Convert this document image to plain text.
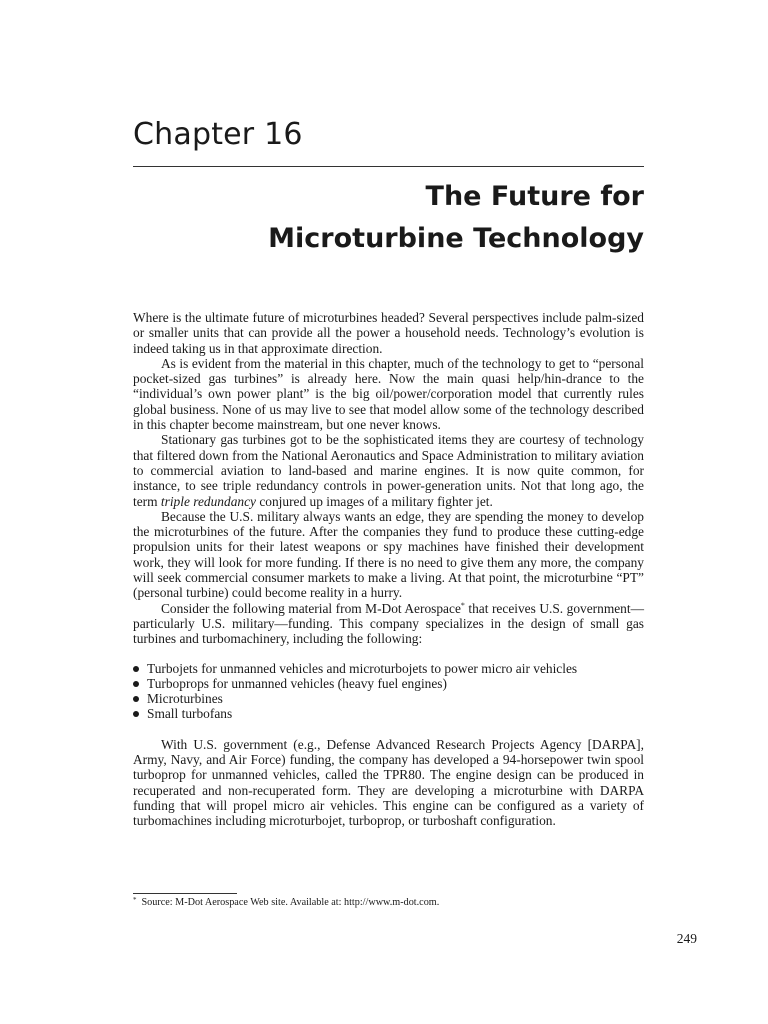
Chapter 16
The Future for
Microturbine Technology

Where is the ultimate future of microturbines headed? Several perspectives include palm-sized or smaller units that can provide all the power a household needs. Technology’s evolution is indeed taking us in that approximate direction.

As is evident from the material in this chapter, much of the technology to get to “personal pocket-sized gas turbines” is already here. Now the main quasi help/hin-drance to the “individual’s own power plant” is the big oil/power/corporation model that currently rules global business. None of us may live to see that model allow some of the technology described in this chapter become mainstream, but one never knows.

Stationary gas turbines got to be the sophisticated items they are courtesy of technology that filtered down from the National Aeronautics and Space Administration to military aviation to commercial aviation to land-based and marine engines. It is now quite common, for instance, to see triple redundancy controls in power-generation units. Not that long ago, the term triple redundancy conjured up images of a military fighter jet.

Because the U.S. military always wants an edge, they are spending the money to develop the microturbines of the future. After the companies they fund to produce these cutting-edge propulsion units for their latest weapons or spy machines have finished their development work, they will look for more funding. If there is no need to give them any more, the company will seek commercial consumer markets to make a living. At that point, the microturbine “PT” (personal turbine) could become reality in a hurry.

Consider the following material from M-Dot Aerospace* that receives U.S. government—particularly U.S. military—funding. This company specializes in the design of small gas turbines and turbomachinery, including the following:

Turbojets for unmanned vehicles and microturbojets to power micro air vehicles
Turboprops for unmanned vehicles (heavy fuel engines)
Microturbines
Small turbofans

With U.S. government (e.g., Defense Advanced Research Projects Agency [DARPA], Army, Navy, and Air Force) funding, the company has developed a 94-horsepower twin spool turboprop for unmanned vehicles, called the TPR80. The engine design can be produced in recuperated and non-recuperated form. They are developing a microturbine with DARPA funding that will propel micro air vehicles. This engine can be configured as a variety of turbomachines including microturbojet, turboprop, or turboshaft configuration.

* Source: M-Dot Aerospace Web site. Available at: http://www.m-dot.com.
249
